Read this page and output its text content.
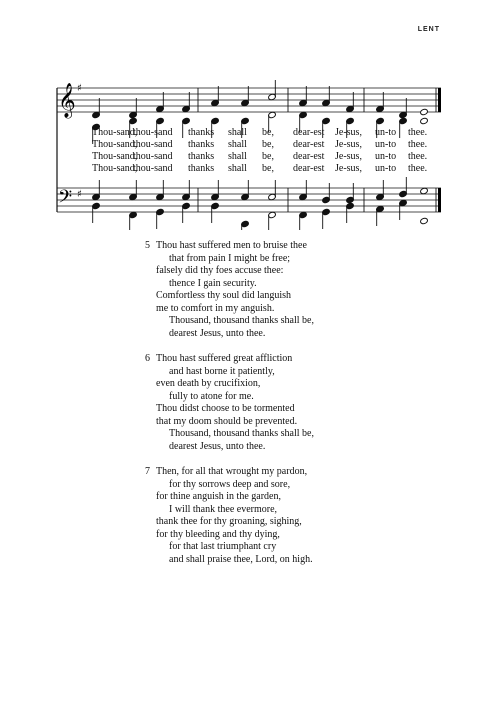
LENT
𝄞 ♯
𝄢 ♯
Thou-sand,
thou-sand thanks shall be, dear-est Je-sus, un-to thee.
Thou-sand,
thou-sand thanks shall be, dear-est Je-sus, un-to thee.
Thou-sand,
thou-sand thanks shall be, dear-est Je-sus, un-to thee.
Thou-sand,
thou-sand thanks shall be, dear-est Je-sus, un-to thee.
5 Thou hast suffered men to bruise thee
that from pain I might be free;
falsely did thy foes accuse thee:
thence I gain security.
Comfortless thy soul did languish
me to comfort in my anguish.
Thousand, thousand thanks shall be,
dearest Jesus, unto thee.
6 Thou hast suffered great affliction
and hast borne it patiently,
even death by crucifixion,
fully to atone for me.
Thou didst choose to be tormented
that my doom should be prevented.
Thousand, thousand thanks shall be,
dearest Jesus, unto thee.
7 Then, for all that wrought my pardon,
for thy sorrows deep and sore,
for thine anguish in the garden,
I will thank thee evermore,
thank thee for thy groaning, sighing,
for thy bleeding and thy dying,
for that last triumphant cry
and shall praise thee, Lord, on high.
